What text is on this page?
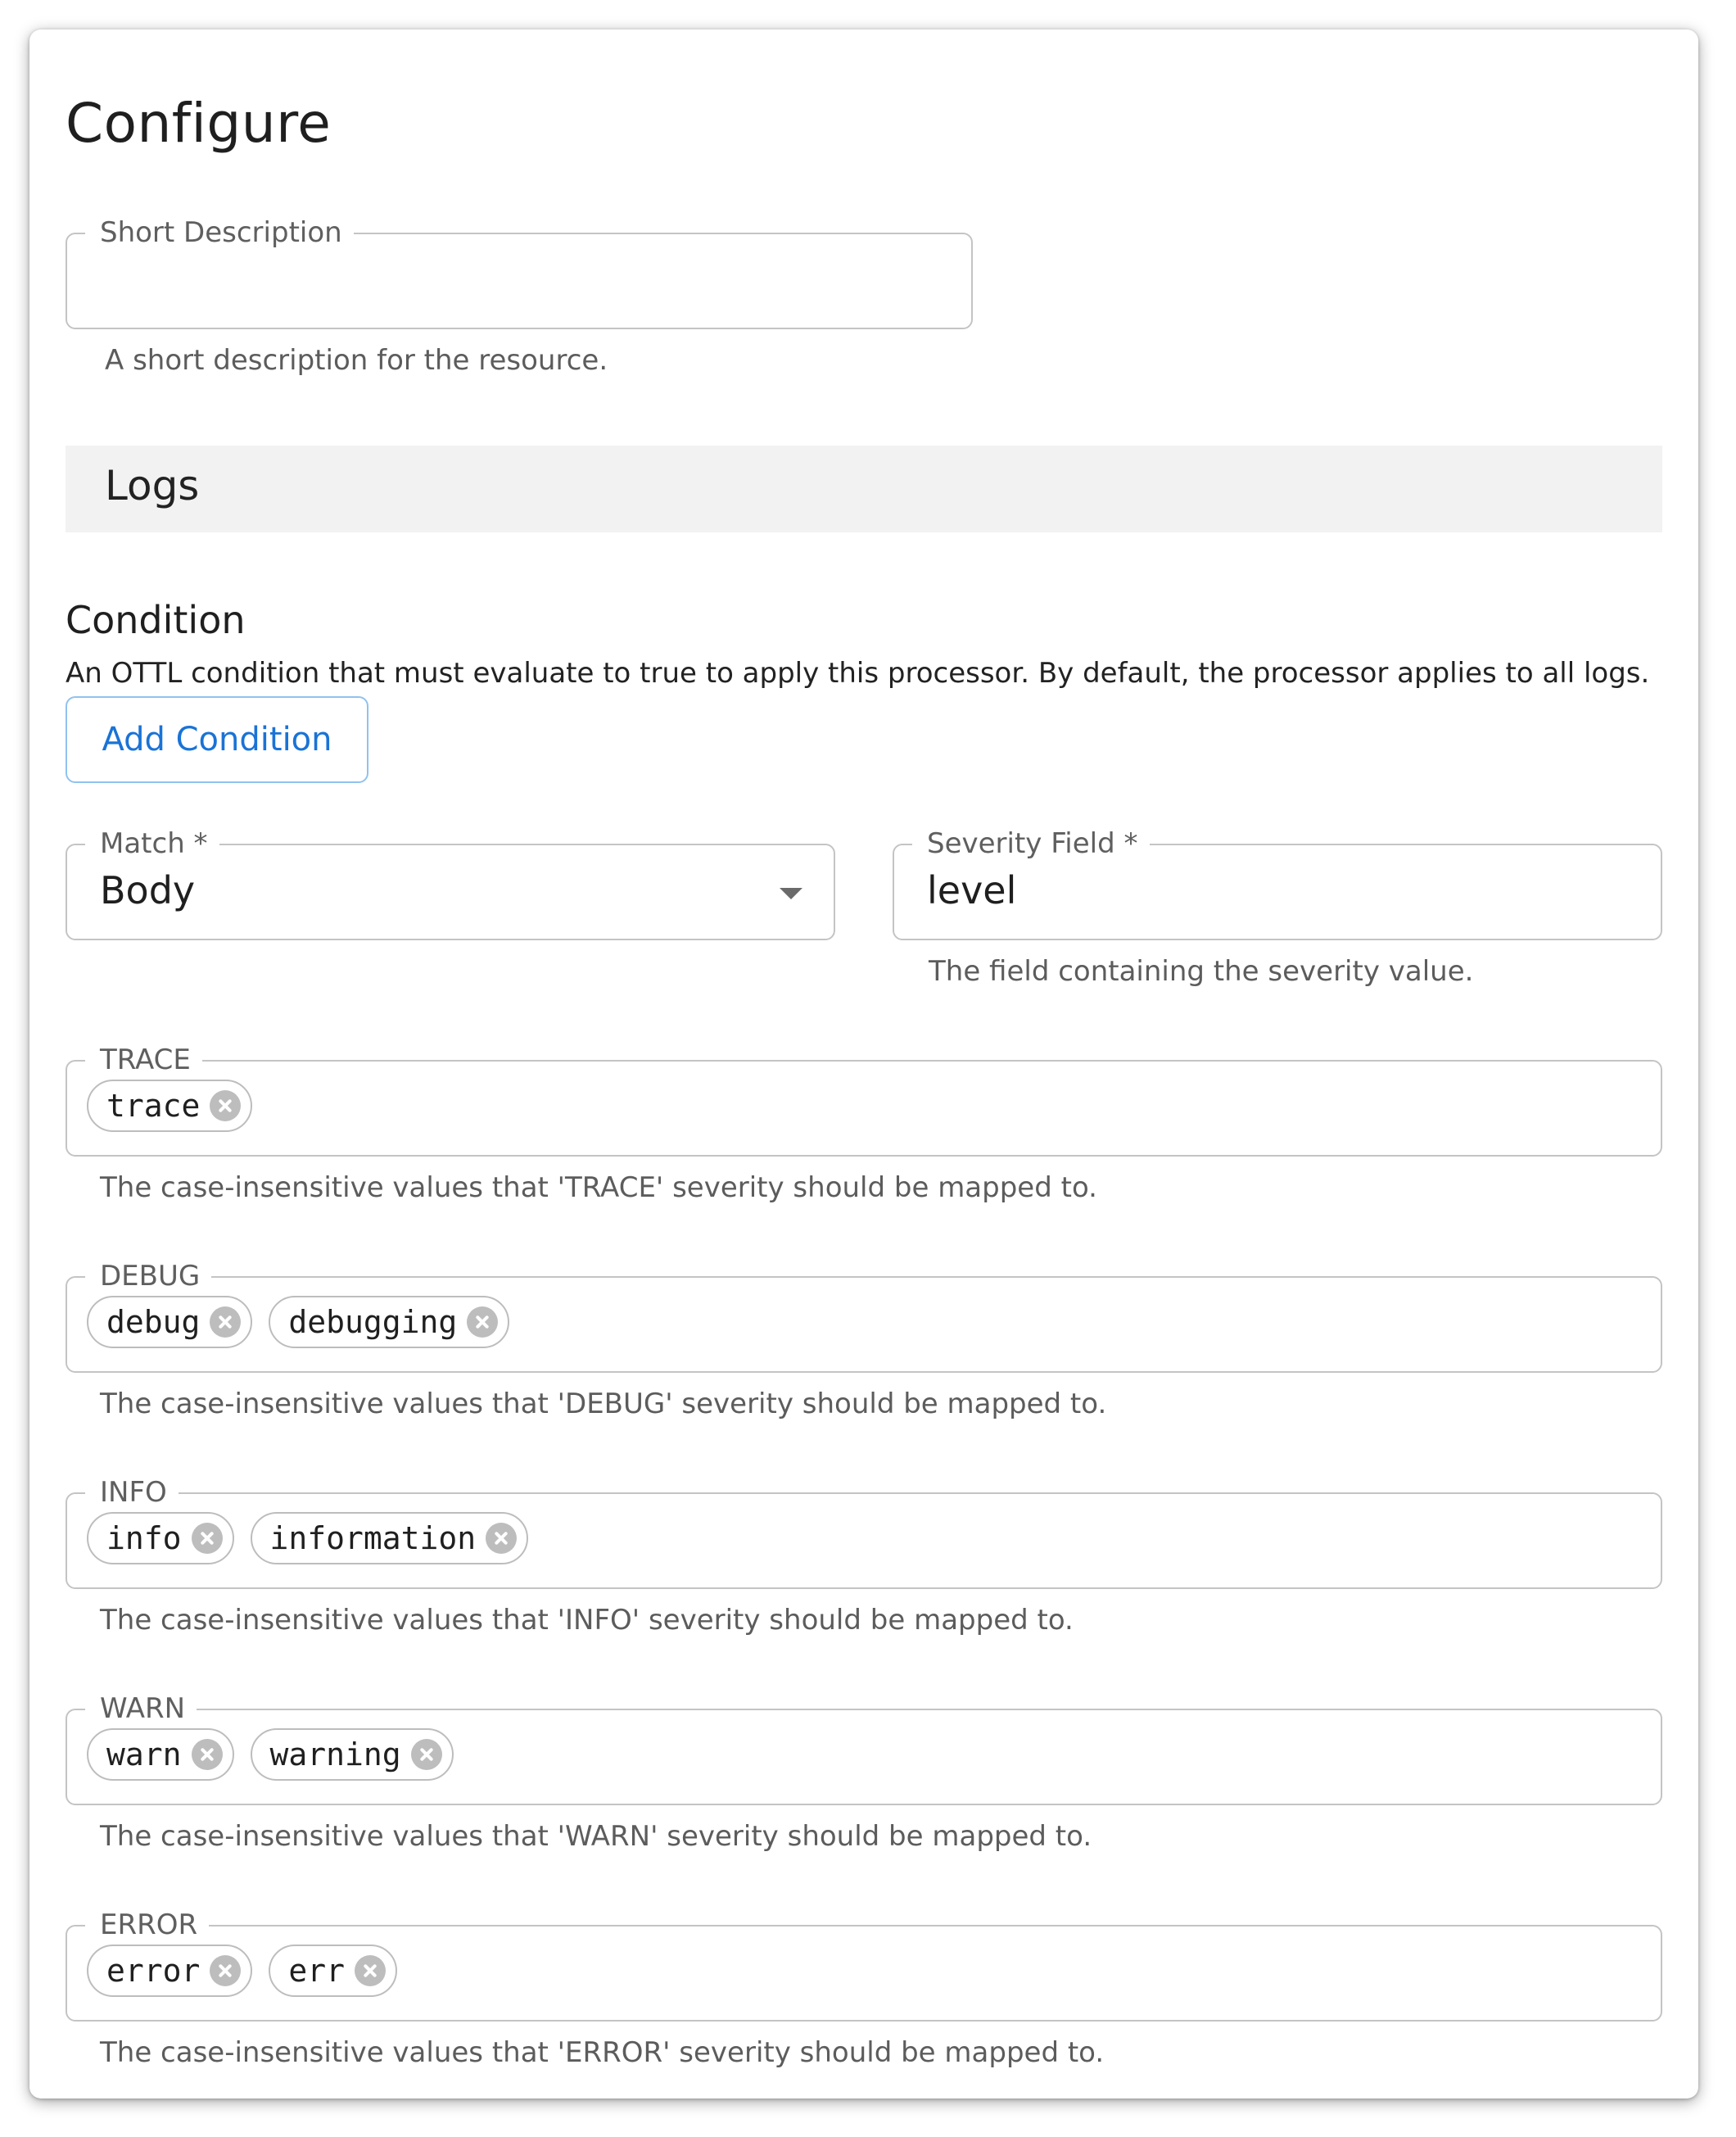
Configure
Short Description
A short description for the resource.
Logs
Condition
An OTTL condition that must evaluate to true to apply this processor. By default, the processor applies to all logs.
Add Condition
Match *
Body
Severity Field *
level
The field containing the severity value.
TRACE
trace
The case-insensitive values that 'TRACE' severity should be mapped to.
DEBUG
debug	debugging
The case-insensitive values that 'DEBUG' severity should be mapped to.
INFO
info	information
The case-insensitive values that 'INFO' severity should be mapped to.
WARN
warn	warning
The case-insensitive values that 'WARN' severity should be mapped to.
ERROR
error	err
The case-insensitive values that 'ERROR' severity should be mapped to.
